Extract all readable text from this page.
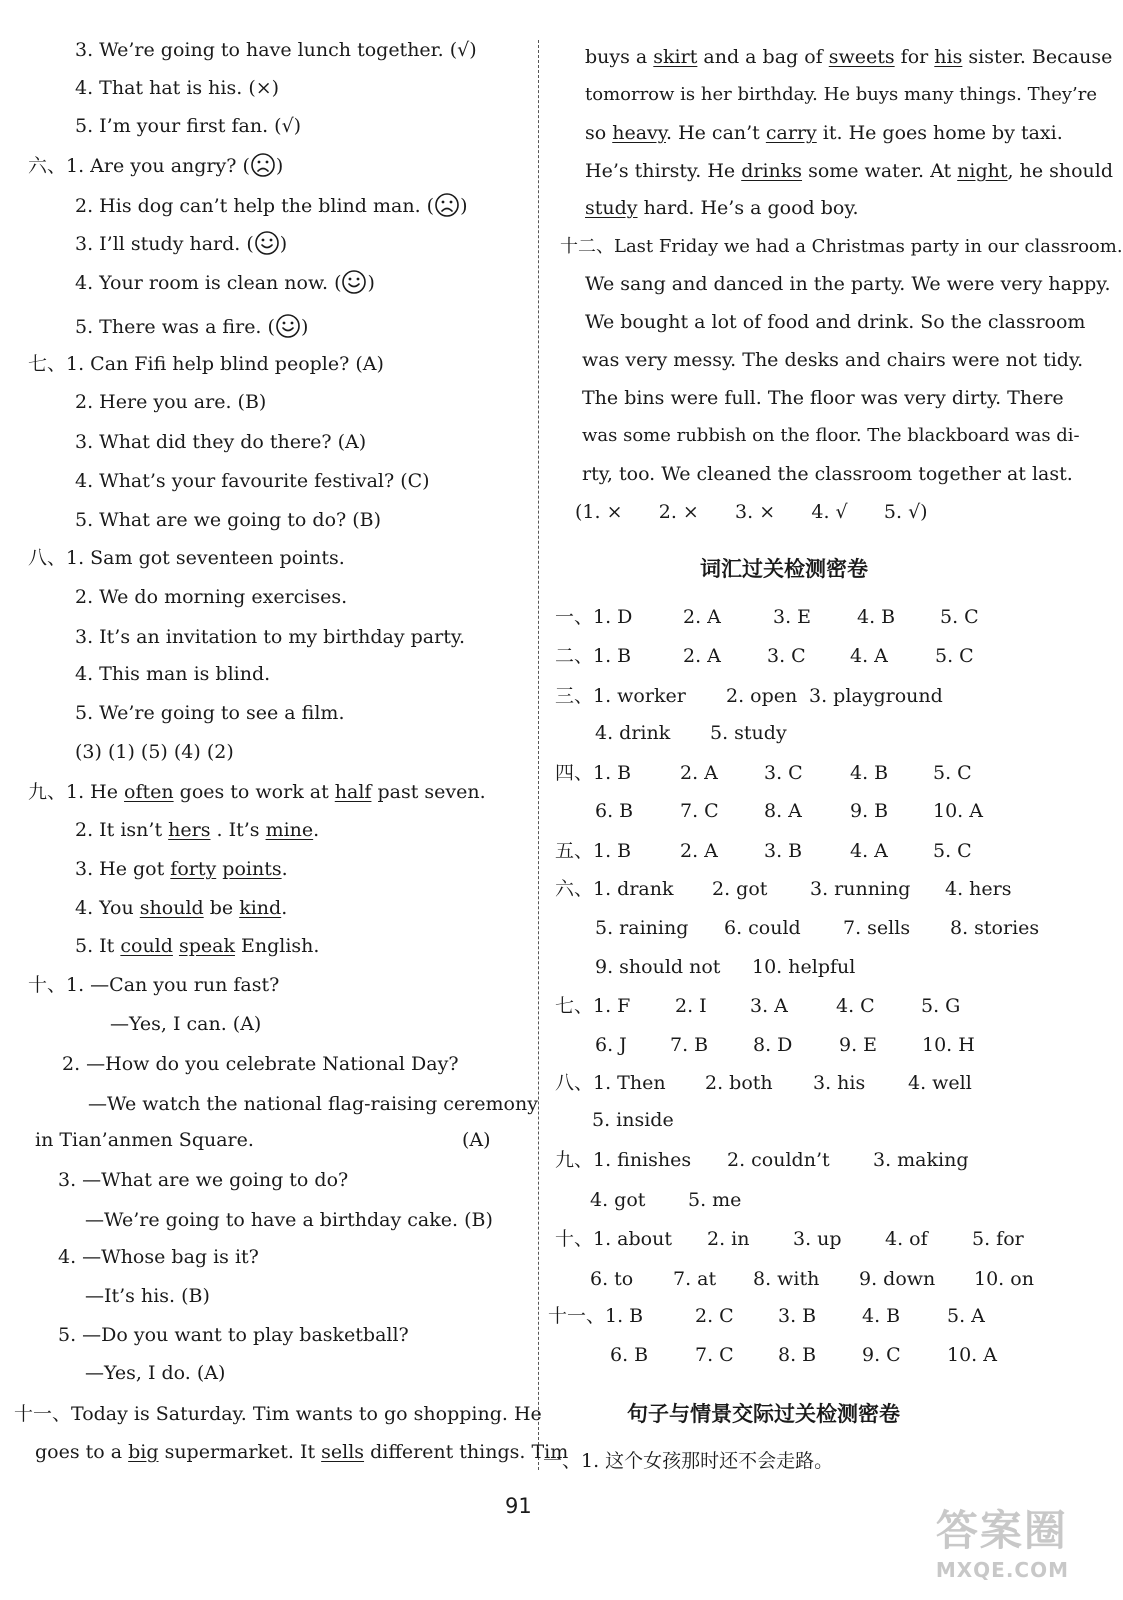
3. We’re going to have lunch together. (√)
4. That hat is his. (×)
5. I’m your first fan. (√)
六、1. Are you angry? ( )
2. His dog can’t help the blind man. ( )
3. I’ll study hard. ( )
4. Your room is clean now. ( )
5. There was a fire. ( )
七、1. Can Fifi help blind people? (A)
2. Here you are. (B)
3. What did they do there? (A)
4. What’s your favourite festival? (C)
5. What are we going to do? (B)
八、1. Sam got seventeen points.
2. We do morning exercises.
3. It’s an invitation to my birthday party.
4. This man is blind.
5. We’re going to see a film.
(3) (1) (5) (4) (2)
九、1. He often goes to work at half past seven.
2. It isn’t hers . It’s mine.
3. He got forty points.
4. You should be kind.
5. It could speak English.
十、1. —Can you run fast?
—Yes, I can. (A)
2. —How do you celebrate National Day?
—We watch the national flag-raising ceremony
in Tian’anmen Square.	(A)
3. —What are we going to do?
—We’re going to have a birthday cake. (B)
4. —Whose bag is it?
—It’s his. (B)
5. —Do you want to play basketball?
—Yes, I do. (A)
十一、Today is Saturday. Tim wants to go shopping. He
goes to a big supermarket. It sells different things. Tim
buys a skirt and a bag of sweets for his sister. Because
tomorrow is her birthday. He buys many things. They’re
so heavy. He can’t carry it. He goes home by taxi.
He’s thirsty. He drinks some water. At night, he should
study hard. He’s a good boy.
十二、Last Friday we had a Christmas party in our classroom.
We sang and danced in the party. We were very happy.
We bought a lot of food and drink. So the classroom
was very messy. The desks and chairs were not tidy.
The bins were full. The floor was very dirty. There
was some rubbish on the floor. The blackboard was di-
rty, too. We cleaned the classroom together at last.
(1. ×      2. ×      3. ×      4. √      5. √)
词汇过关检测密卷
一、1. D	2. A	3. E 4. B 5. C
二、1. B	2. A 3. C 4. A 5. C
三、1. worker 2. open 3. playground
4. drink 5. study
四、1. B	2. A 3. C 4. B 5. C
6. B 7. C 8. A	9. B 10. A
五、1. B	2. A 3. B	4. A 5. C
六、1. drank 2. got 3. running 4. hers
5. raining 6. could 7. sells 8. stories
9. should not 10. helpful
七、1. F 2. I 3. A	4. C 5. G
6. J 7. B 8. D 9. E 10. H
八、1. Then 2. both 3. his 4. well
5. inside
九、1. finishes 2. couldn’t 3. making
4. got 5. me
十、1. about 2. in 3. up 4. of 5. for
6. to 7. at 8. with 9. down 10. on
十一、1. B	2. C 3. B 4. B 5. A
6. B 7. C 8. B 9. C 10. A
句子与情景交际过关检测密卷
一、1. 这个女孩那时还不会走路。
91	答案圈
MXQE.COM
